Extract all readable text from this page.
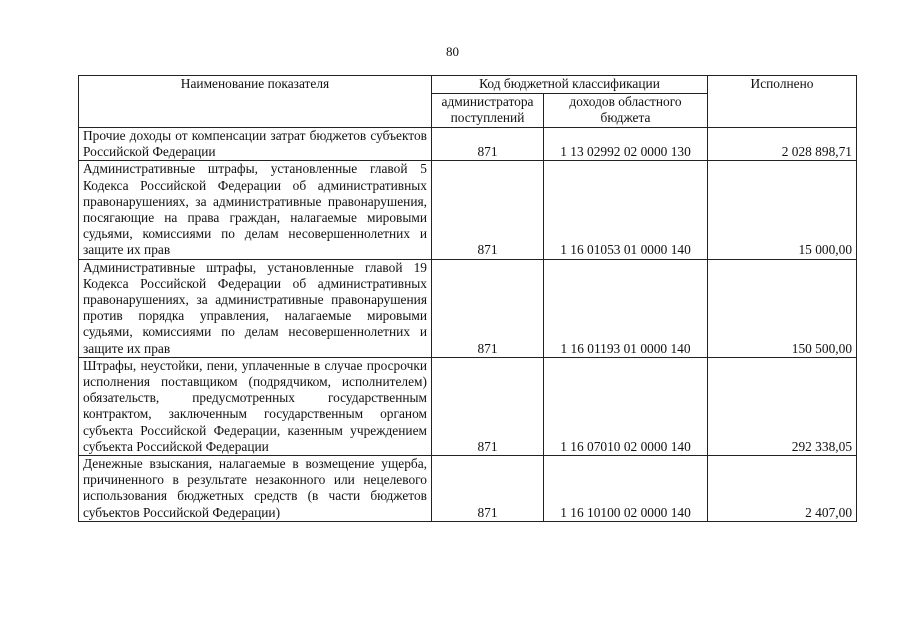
80
Наименование показателя	Код бюджетной классификации		Исполнено
	администратора поступлений	доходов областного бюджета	
Прочие доходы от компенсации затрат бюджетов субъектов Российской Федерации	871	1 13 02992 02 0000 130	2 028 898,71
Административные штрафы, установленные главой 5 Кодекса Российской Федерации об административных правонарушениях, за административные правонарушения, посягающие на права граждан, налагаемые мировыми судьями, комиссиями по делам несовершеннолетних и защите их прав	871	1 16 01053 01 0000 140	15 000,00
Административные штрафы, установленные главой 19 Кодекса Российской Федерации об административных правонарушениях, за административные правонарушения против порядка управления, налагаемые мировыми судьями, комиссиями по делам несовершеннолетних и защите их прав	871	1 16 01193 01 0000 140	150 500,00
Штрафы, неустойки, пени, уплаченные в случае просрочки исполнения поставщиком (подрядчиком, исполнителем) обязательств, предусмотренных государственным контрактом, заключенным государственным органом субъекта Российской Федерации, казенным учреждением субъекта Российской Федерации	871	1 16 07010 02 0000 140	292 338,05
Денежные взыскания, налагаемые в возмещение ущерба, причиненного в результате незаконного или нецелевого использования бюджетных средств (в части бюджетов субъектов Российской Федерации)	871	1 16 10100 02 0000 140	2 407,00
